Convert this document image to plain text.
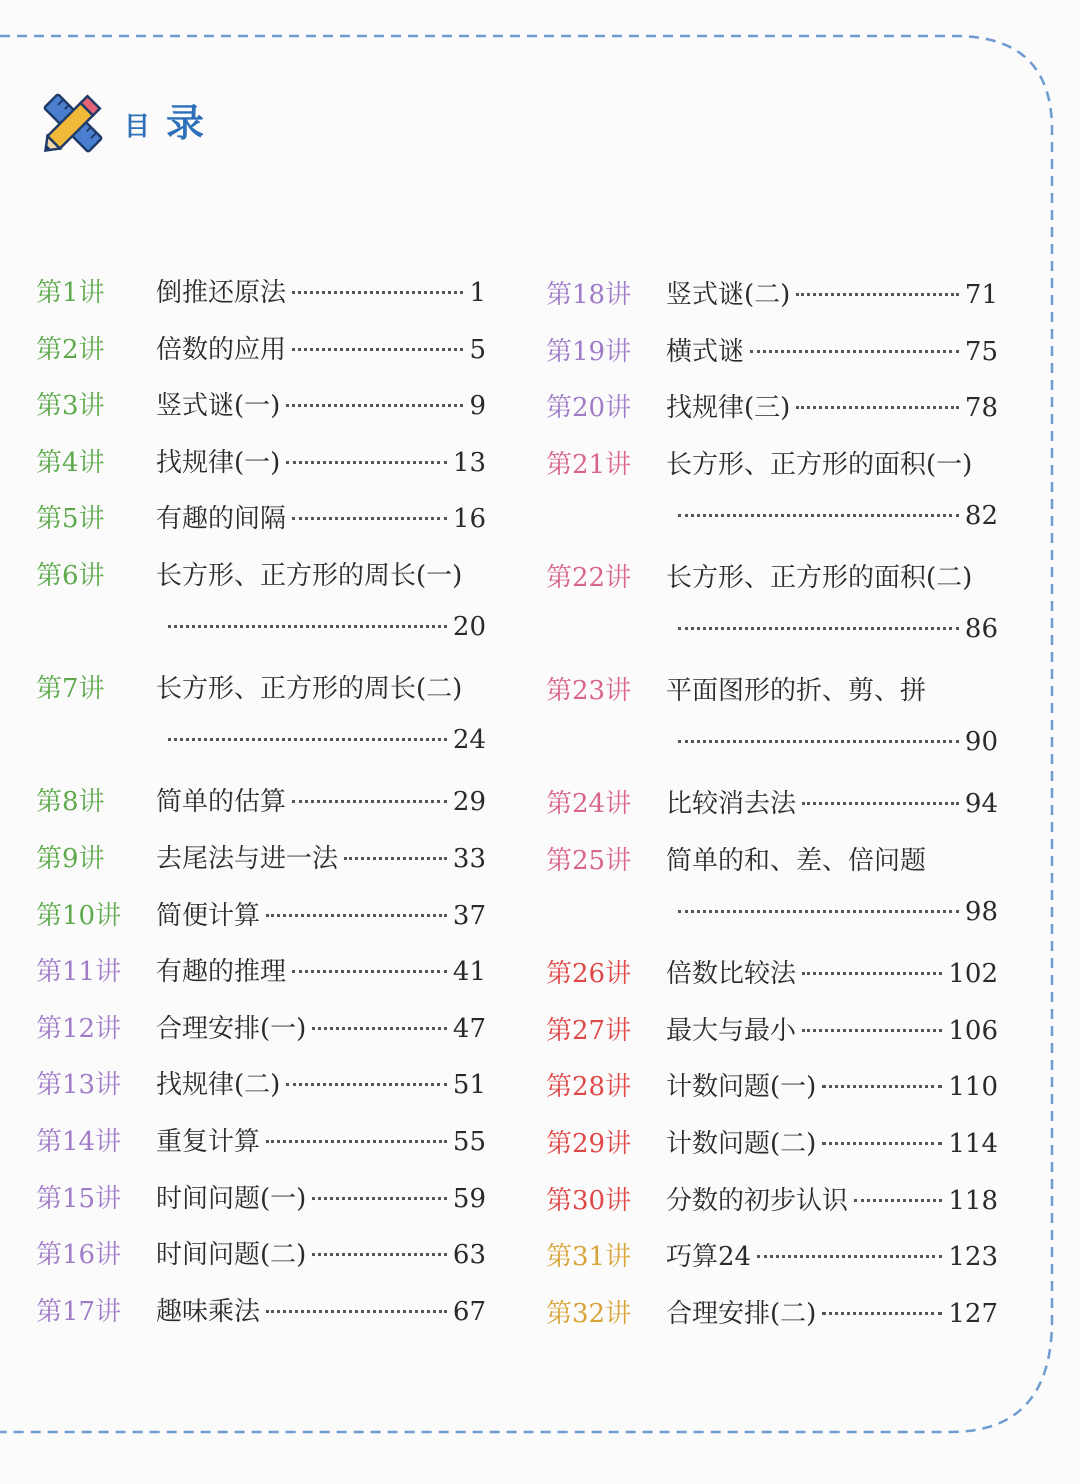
目 录
第1讲 倒推还原法	1
第2讲 倍数的应用	5
第3讲 竖式谜(一)	9
第4讲 找规律(一)	13
第5讲 有趣的间隔	16
第6讲 长方形、正方形的周长(一)
20
第7讲 长方形、正方形的周长(二)
24
第8讲 简单的估算	29
第9讲 去尾法与进一法	33
第10讲 简便计算	37
第11讲 有趣的推理	41
第12讲 合理安排(一)	47
第13讲 找规律(二)	51
第14讲 重复计算	55
第15讲 时间问题(一)	59
第16讲 时间问题(二)	63
第17讲 趣味乘法	67
第18讲 竖式谜(二)	71
第19讲 横式谜	75
第20讲 找规律(三)	78
第21讲 长方形、正方形的面积(一)
82
第22讲 长方形、正方形的面积(二)
86
第23讲 平面图形的折、剪、拼
90
第24讲 比较消去法	94
第25讲 简单的和、差、倍问题
98
第26讲 倍数比较法	102
第27讲 最大与最小	106
第28讲 计数问题(一)	110
第29讲 计数问题(二)	114
第30讲 分数的初步认识	118
第31讲 巧算24	123
第32讲 合理安排(二)	127
